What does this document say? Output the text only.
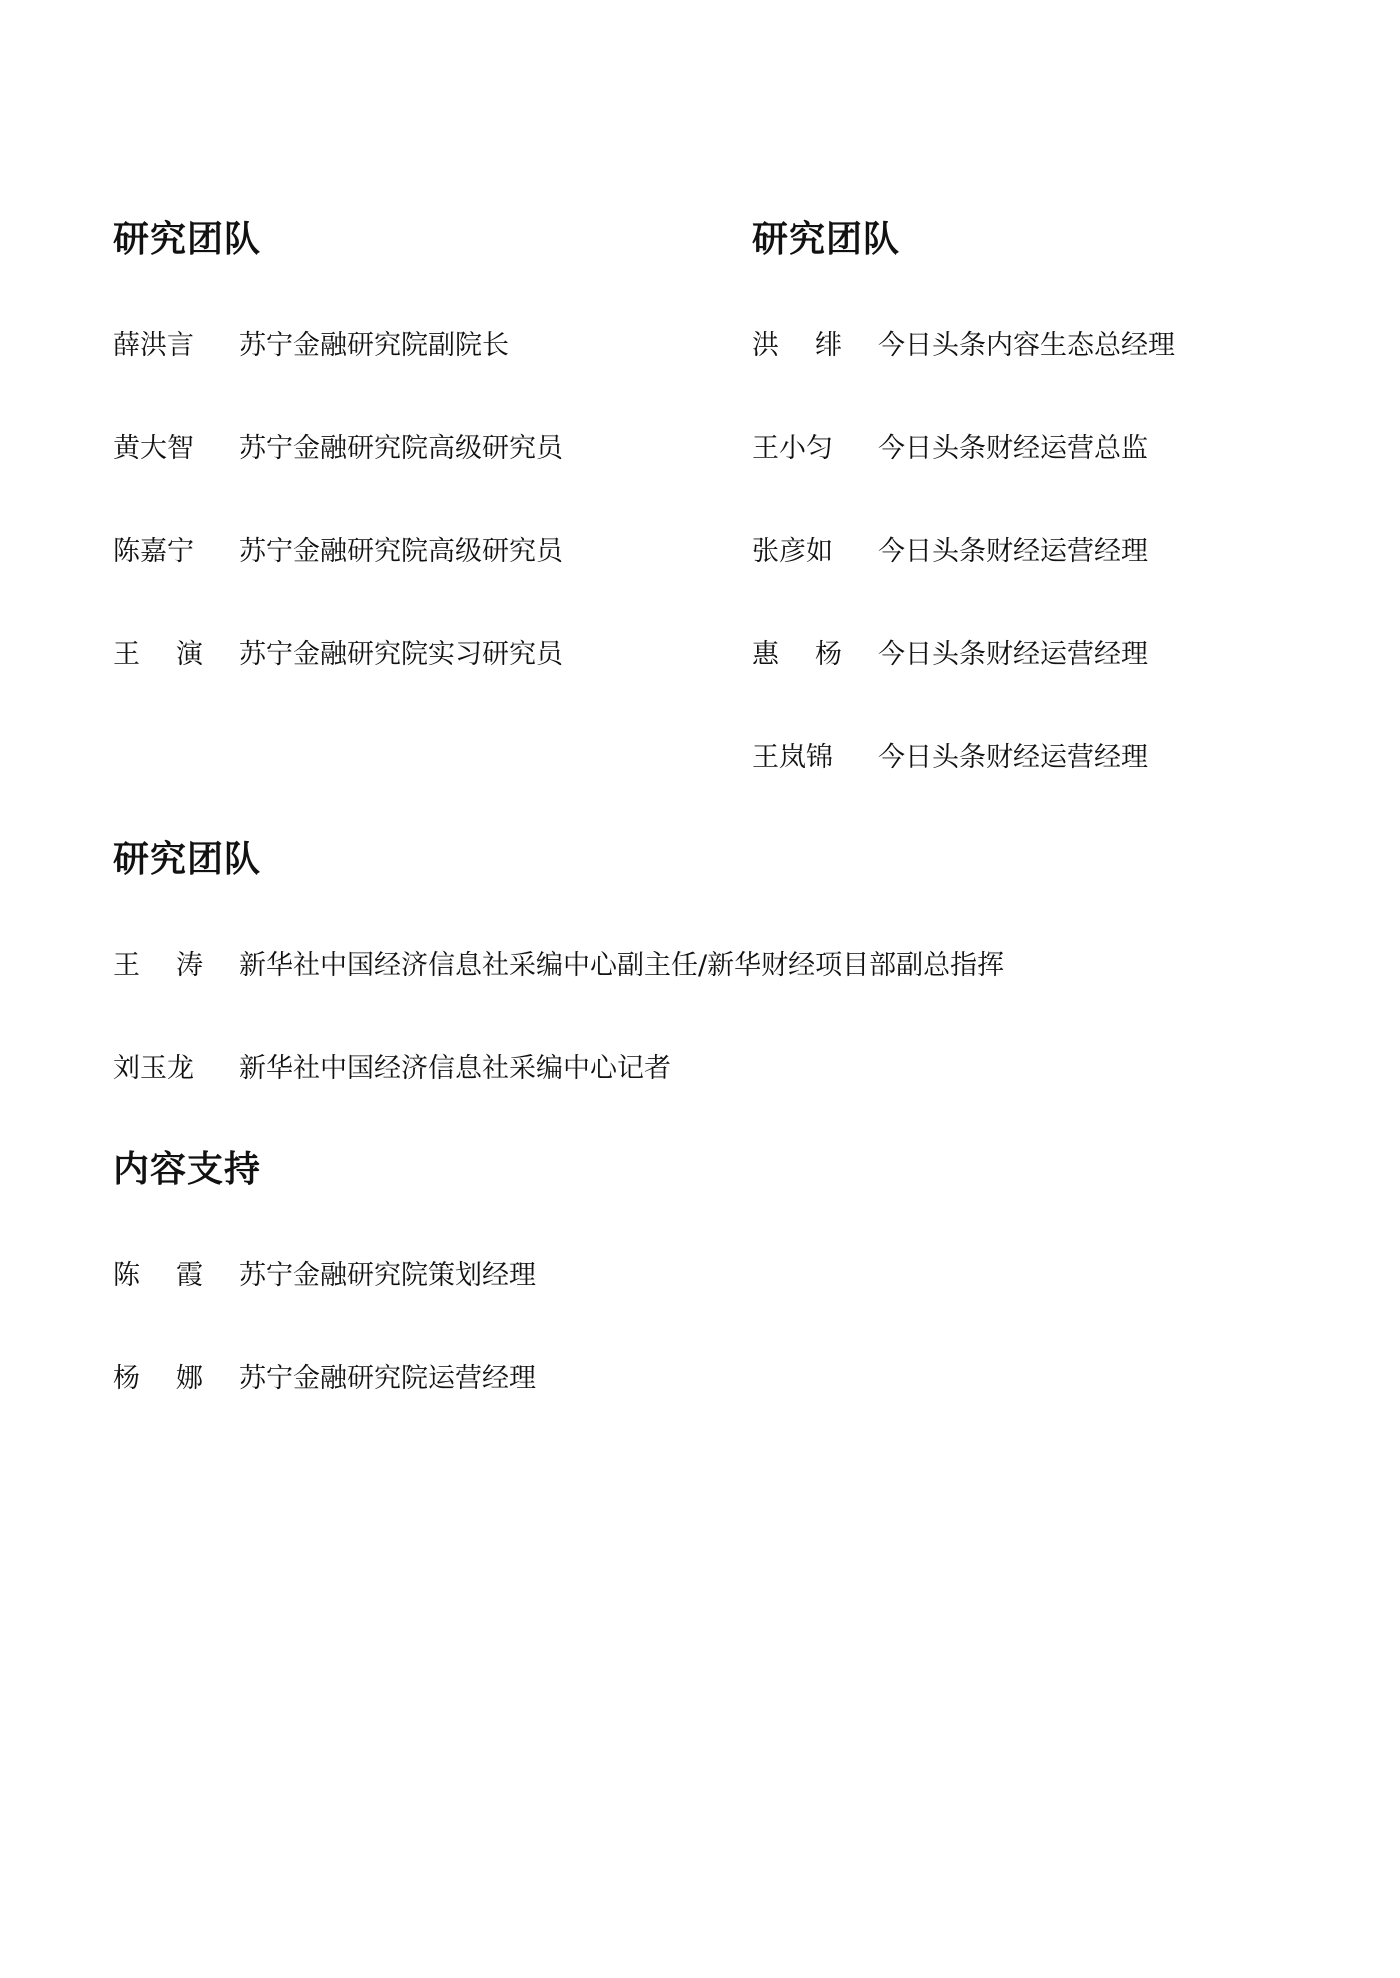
研究团队
薛洪言	苏宁金融研究院副院长
黄大智	苏宁金融研究院高级研究员
陈嘉宁	苏宁金融研究院高级研究员
王 演 苏宁金融研究院实习研究员
研究团队
洪 绯 今日头条内容生态总经理
王小匀	今日头条财经运营总监
张彦如	今日头条财经运营经理
惠 杨 今日头条财经运营经理
王岚锦	今日头条财经运营经理
研究团队
王 涛 新华社中国经济信息社采编中心副主任/新华财经项目部副总指挥
刘玉龙	新华社中国经济信息社采编中心记者
内容支持
陈 霞 苏宁金融研究院策划经理
杨 娜 苏宁金融研究院运营经理
